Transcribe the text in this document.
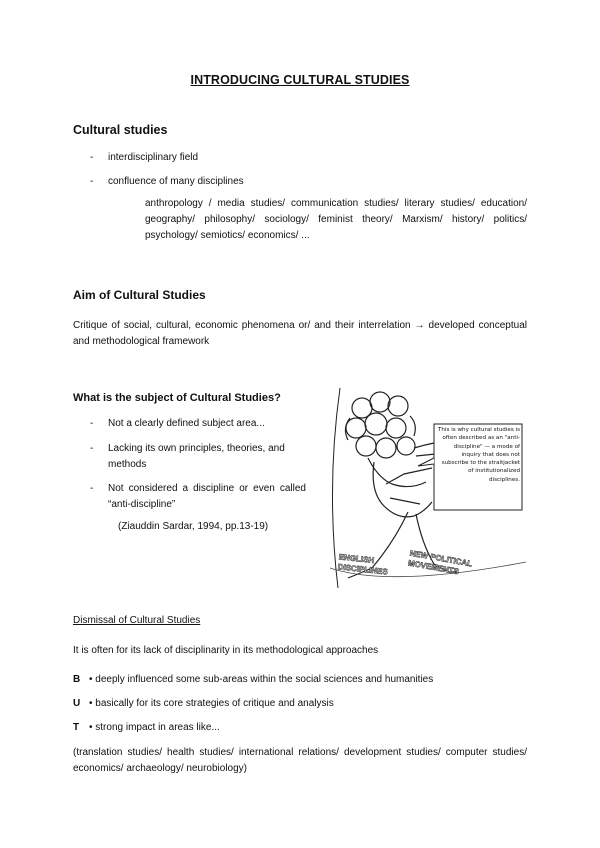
INTRODUCING CULTURAL STUDIES
Cultural studies
- interdisciplinary field
- confluence of many disciplines
anthropology / media studies/ communication studies/ literary studies/ education/ geography/ philosophy/ sociology/ feminist theory/ Marxism/ history/ politics/ psychology/ semiotics/ economics/ ...
Aim of Cultural Studies
Critique of social, cultural, economic phenomena or/ and their interrelation → developed conceptual and methodological framework
What is the subject of Cultural Studies?
- Not a clearly defined subject area...
- Lacking its own principles, theories, and methods
- Not considered a discipline or even called “anti-discipline”
(Ziauddin Sardar, 1994, pp.13-19)
This is why cultural studies is often described as an "anti-discipline" — a mode of inquiry that does not subscribe to the straitjacket of institutionalized disciplines.
ENGLISH DISCIPLINES
NEW POLITICAL MOVEMENTS
Dismissal of Cultural Studies
It is often for its lack of disciplinarity in its methodological approaches
B • deeply influenced some sub-areas within the social sciences and humanities
U • basically for its core strategies of critique and analysis
T • strong impact in areas like...
(translation studies/ health studies/ international relations/ development studies/ computer studies/ economics/ archaeology/ neurobiology)
